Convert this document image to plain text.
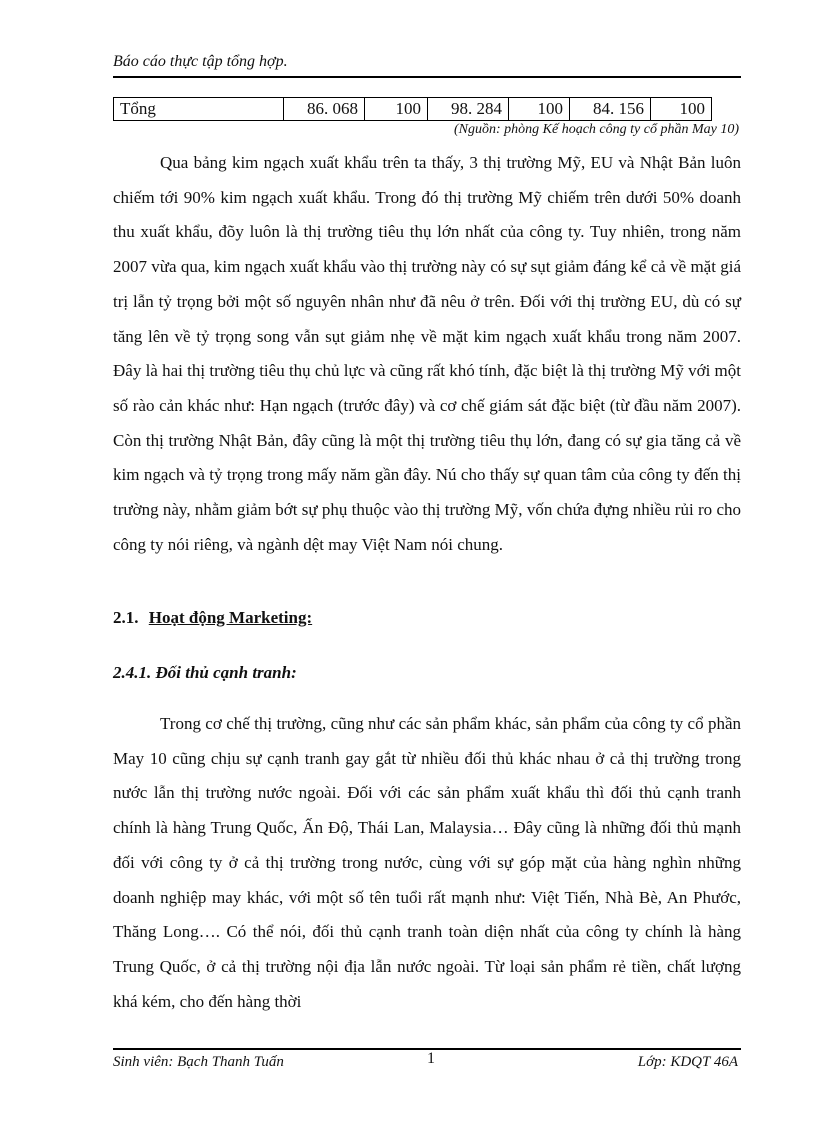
Báo cáo thực tập tổng hợp.
Tổng	86. 068	100	98. 284	100	84. 156	100
(Nguồn: phòng Kế hoạch công ty cổ phần May 10)

Qua bảng kim ngạch xuất khẩu trên ta thấy, 3 thị trường Mỹ, EU và Nhật Bản luôn chiếm tới 90% kim ngạch xuất khẩu. Trong đó thị trường Mỹ chiếm trên dưới 50% doanh thu xuất khẩu, đõy luôn là thị trường tiêu thụ lớn nhất của công ty. Tuy nhiên, trong năm 2007 vừa qua, kim ngạch xuất khẩu vào thị trường này có sự sụt giảm đáng kể cả về mặt giá trị lẫn tỷ trọng bởi một số nguyên nhân như đã nêu ở trên. Đối với thị trường EU, dù có sự tăng lên về tỷ trọng song vẫn sụt giảm nhẹ về mặt kim ngạch xuất khẩu trong năm 2007. Đây là hai thị trường tiêu thụ chủ lực và cũng rất khó tính, đặc biệt là thị trường Mỹ với một số rào cản khác như: Hạn ngạch (trước đây) và cơ chế giám sát đặc biệt (từ đầu năm 2007). Còn thị trường Nhật Bản, đây cũng là một thị trường tiêu thụ lớn, đang có sự gia tăng cả về kim ngạch và tỷ trọng trong mấy năm gần đây. Nú cho thấy sự quan tâm của công ty đến thị trường này, nhằm giảm bớt sự phụ thuộc vào thị trường Mỹ, vốn chứa đựng nhiều rủi ro cho công ty nói riêng, và ngành dệt may Việt Nam nói chung.

2.1. Hoạt động Marketing:
2.4.1. Đối thủ cạnh tranh:

Trong cơ chế thị trường, cũng như các sản phẩm khác, sản phẩm của công ty cổ phần May 10 cũng chịu sự cạnh tranh gay gắt từ nhiều đối thủ khác nhau ở cả thị trường trong nước lẫn thị trường nước ngoài. Đối với các sản phẩm xuất khẩu thì đối thủ cạnh tranh chính là hàng Trung Quốc, Ấn Độ, Thái Lan, Malaysia… Đây cũng là những đối thủ mạnh đối với công ty ở cả thị trường trong nước, cùng với sự góp mặt của hàng nghìn những doanh nghiệp may khác, với một số tên tuổi rất mạnh như: Việt Tiến, Nhà Bè, An Phước, Thăng Long…. Có thể nói, đối thủ cạnh tranh toàn diện nhất của công ty chính là hàng Trung Quốc, ở cả thị trường nội địa lẫn nước ngoài. Từ loại sản phẩm rẻ tiền, chất lượng khá kém, cho đến hàng thời

Sinh viên: Bạch Thanh Tuấn	1	Lớp: KDQT 46A
